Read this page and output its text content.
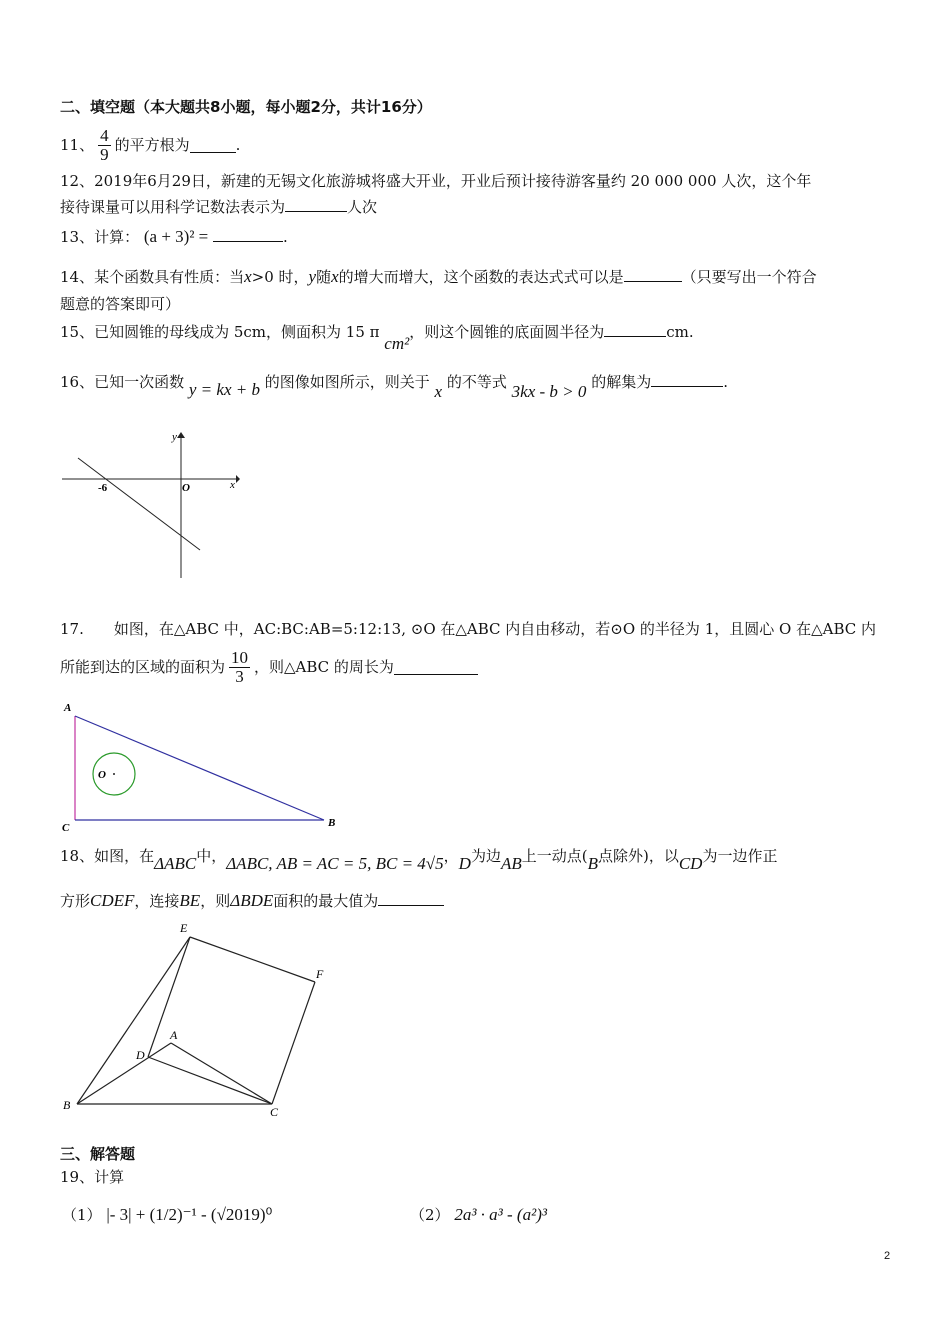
二、填空题（本大题共8小题，每小题2分，共计16分）
11、 $\frac{4}{9}$ 的平方根为	.
12、2019年6月29日，新建的无锡文化旅游城将盛大开业，开业后预计接待游客量约 20 000 000 人次，这个年
接待课量可以用科学记数法表示为	人次
13、计算： (a + 3)² =	.
14、某个函数具有性质：当x>0 时，y随x的增大而增大，这个函数的表达式式可以是	（只要写出一个符合
题意的答案即可）
15、已知圆锥的母线成为 5cm，侧面积为 15 π cm²，则这个圆锥的底面圆半径为	cm.
16、已知一次函数 y = kx + b 的图像如图所示，则关于 x 的不等式 3kx - b > 0 的解集为	.
x
y
O
-6
17.　　如图，在△ABC 中，AC:BC:AB=5:12:13, ⊙O 在△ABC 内自由移动，若⊙O 的半径为 1，且圆心 O 在△ABC 内
所能到达的区域的面积为 $\frac{10}{3}$ ，则△ABC 的周长为
A
B
C
O
18、如图，在ΔABC中，ΔABC, AB = AC = 5, BC = 4√5，D为边AB上一动点(B点除外)，以CD为一边作正
方形CDEF，连接BE，则ΔBDE面积的最大值为
E
F
A
D
B	C
三、解答题
19、计算
（1） |- 3| + (1/2)⁻¹ - (√2019)⁰	（2） 2a³ · a³ - (a²)³
2
